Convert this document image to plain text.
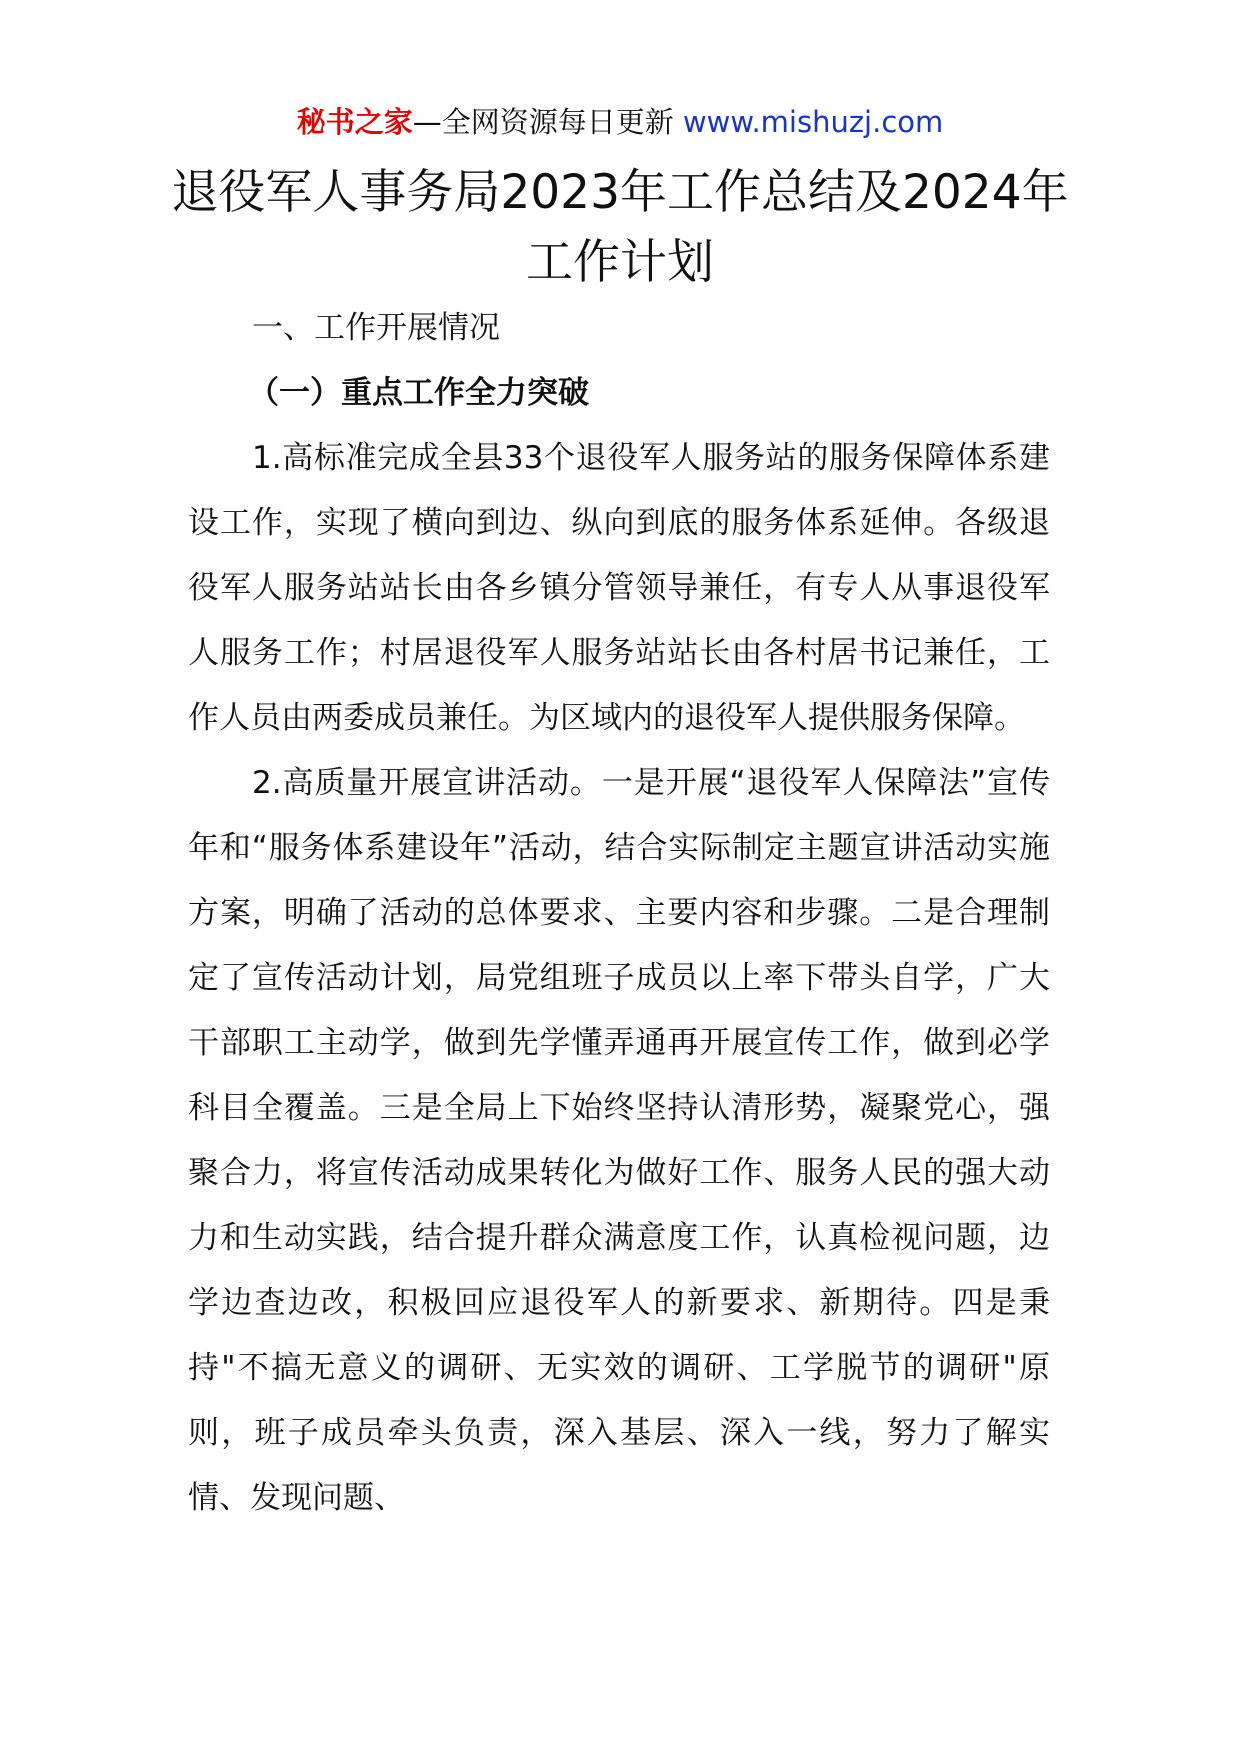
秘书之家—全网资源每日更新 www.mishuzj.com
退役军人事务局2023年工作总结及2024年工作计划

一、工作开展情况

（一）重点工作全力突破

1.高标准完成全县33个退役军人服务站的服务保障体系建设工作，实现了横向到边、纵向到底的服务体系延伸。各级退役军人服务站站长由各乡镇分管领导兼任，有专人从事退役军人服务工作；村居退役军人服务站站长由各村居书记兼任，工作人员由两委成员兼任。为区域内的退役军人提供服务保障。

2.高质量开展宣讲活动。一是开展“退役军人保障法”宣传年和“服务体系建设年”活动，结合实际制定主题宣讲活动实施方案，明确了活动的总体要求、主要内容和步骤。二是合理制定了宣传活动计划，局党组班子成员以上率下带头自学，广大干部职工主动学，做到先学懂弄通再开展宣传工作，做到必学科目全覆盖。三是全局上下始终坚持认清形势，凝聚党心，强聚合力，将宣传活动成果转化为做好工作、服务人民的强大动力和生动实践，结合提升群众满意度工作，认真检视问题，边学边查边改，积极回应退役军人的新要求、新期待。四是秉持"不搞无意义的调研、无实效的调研、工学脱节的调研"原则，班子成员牵头负责，深入基层、深入一线，努力了解实情、发现问题、
